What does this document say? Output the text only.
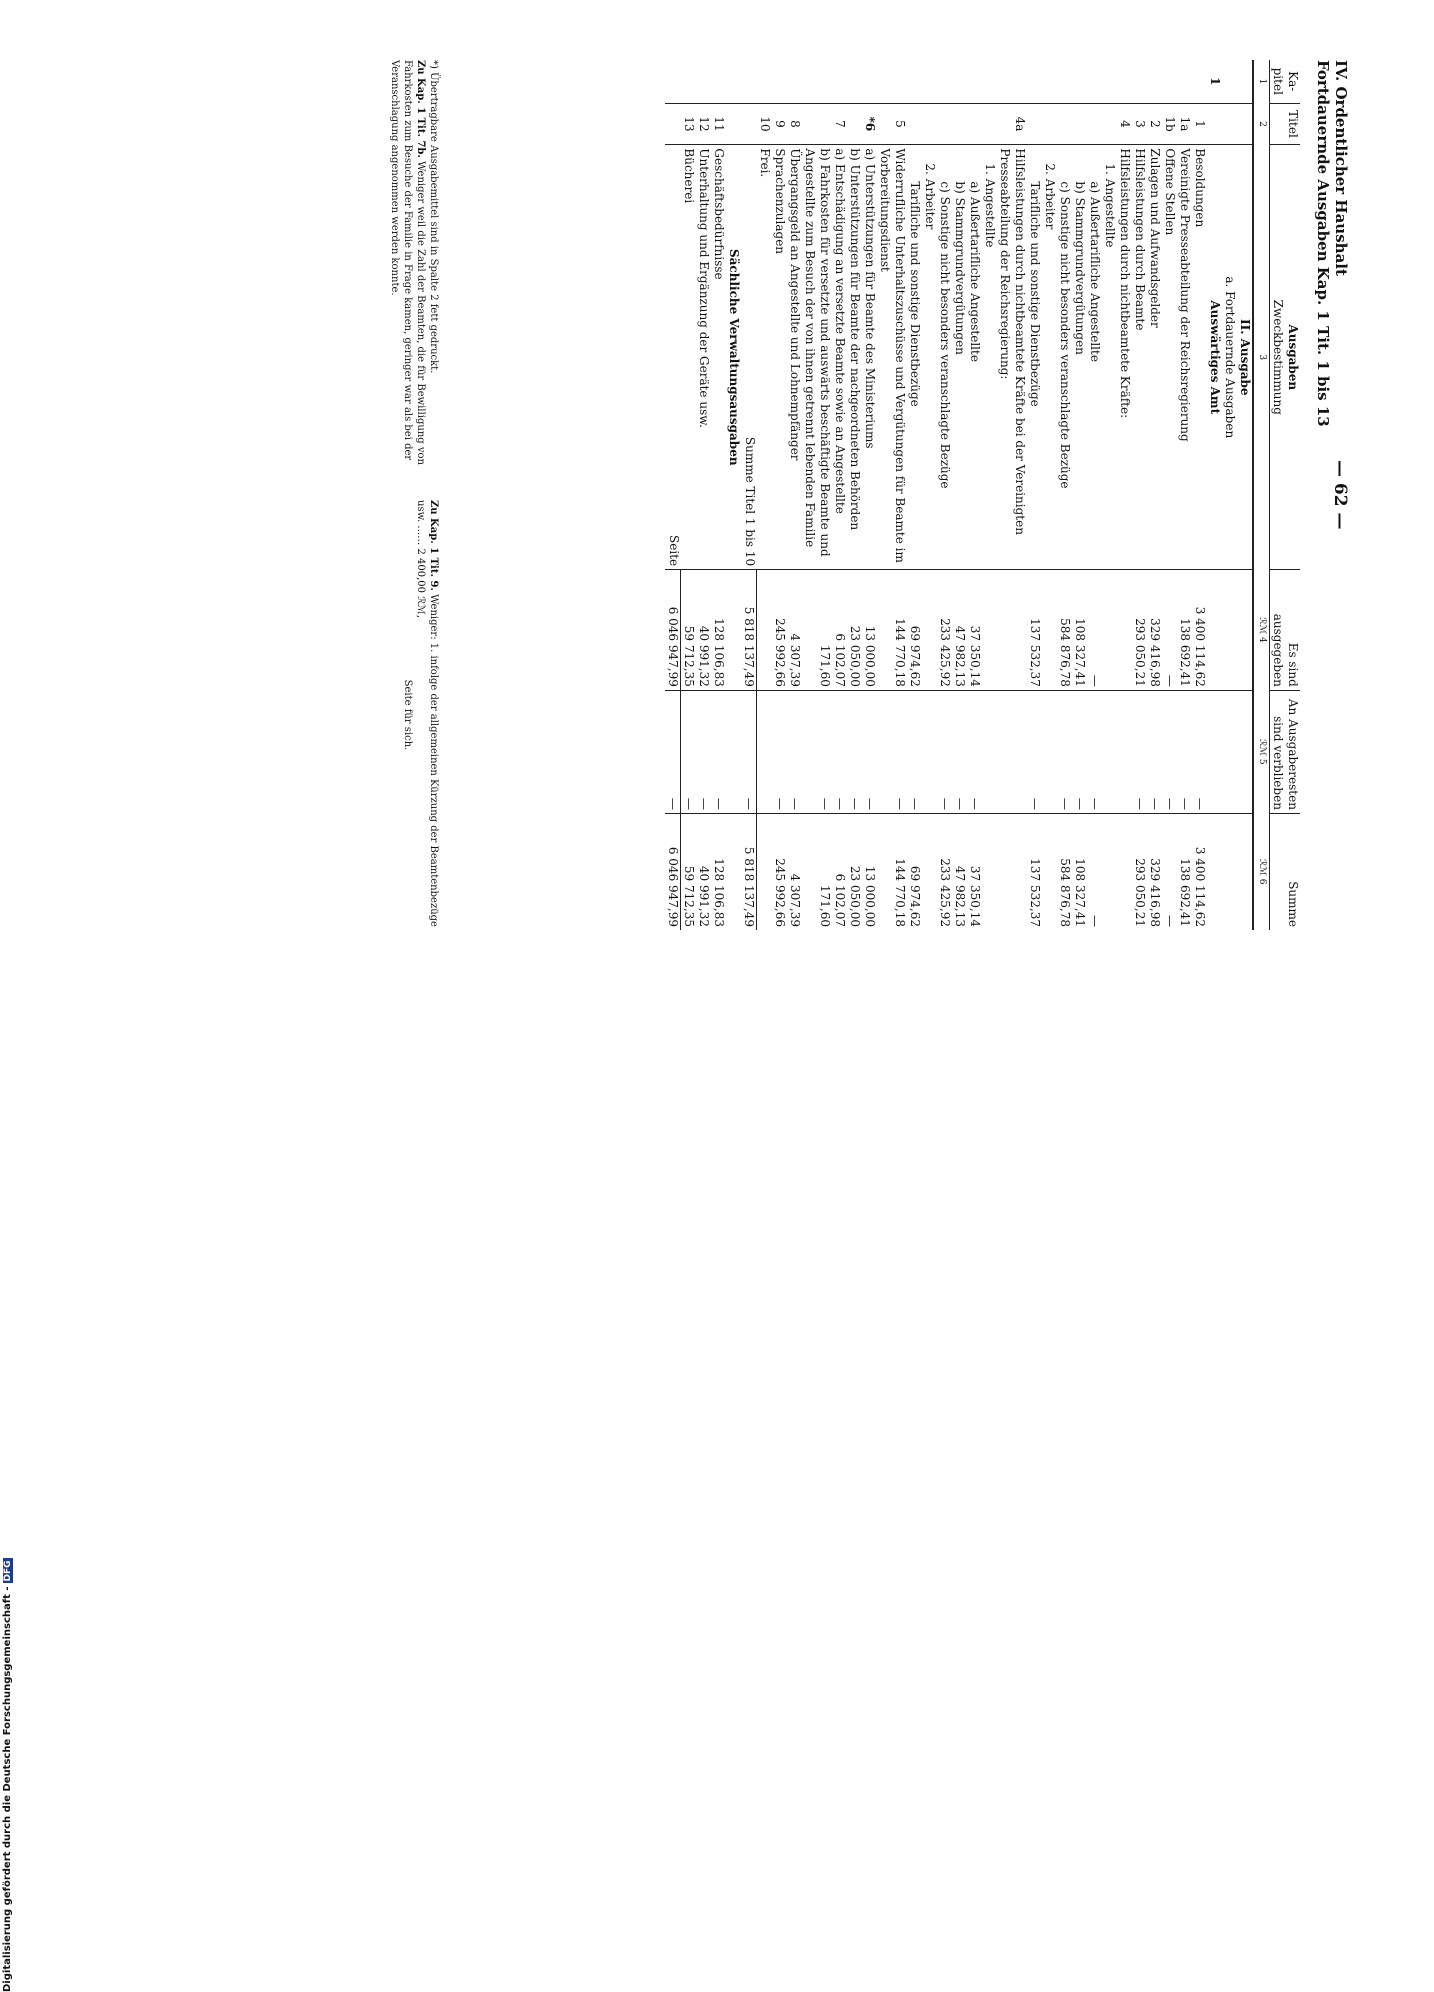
IV. Ordentlicher Haushalt
Fortdauernde Ausgaben Kap. 1 Tit. 1 bis 13
— 62 —
Ka-pitel	Titel	Ausgaben
Zweckbestimmung	Es sind ausgegeben	An Ausgaberesten sind verblieben	Summe
1	2	3	ℛℳ 4	ℛℳ 5	ℛℳ 6
		II. Ausgabe			
		a. Fortdauernde Ausgaben			
1		Auswärtiges Amt			
	1	Besoldungen	3 400 114,62	—	3 400 114,62
	1a	Vereinigte Presseabteilung der Reichsregierung	138 692,41	—	138 692,41
	1b	Offene Stellen	—	—	—
	2	Zulagen und Aufwandsgelder	329 416,98	—	329 416,98
	3	Hilfsleistungen durch Beamte	293 050,21	—	293 050,21
	4	Hilfsleistungen durch nichtbeamtete Kräfte:			
		1. Angestellte			
		a) Außertarifliche Angestellte	—	—	—
		b) Stammgrundvergütungen	108 327,41	—	108 327,41
		c) Sonstige nicht besonders veranschlagte Bezüge	584 876,78	—	584 876,78
		2. Arbeiter			
		Tarifliche und sonstige Dienstbezüge	137 532,37	—	137 532,37
	4a	Hilfsleistungen durch nichtbeamtete Kräfte bei der Vereinigten Presseabteilung der Reichsregierung:			
		1. Angestellte			
		a) Außertarifliche Angestellte	37 350,14	—	37 350,14
		b) Stammgrundvergütungen	47 982,13	—	47 982,13
		c) Sonstige nicht besonders veranschlagte Bezüge	233 425,92	—	233 425,92
		2. Arbeiter			
		Tarifliche und sonstige Dienstbezüge	69 974,62	—	69 974,62
	5	Widerrufliche Unterhaltszuschüsse und Vergütungen für Beamte im Vorbereitungsdienst	144 770,18	—	144 770,18
	*6	a) Unterstützungen für Beamte des Ministeriums	13 000,00	—	13 000,00
		b) Unterstützungen für Beamte der nachgeordneten Behörden	23 050,00	—	23 050,00
	7	a) Entschädigung an versetzte Beamte sowie an Angestellte	6 102,07	—	6 102,07
		b) Fahrkosten für versetzte und auswärts beschäftigte Beamte und Angestellte zum Besuch der von ihnen getrennt lebenden Familie	171,60	—	171,60
	8	Übergangsgeld an Angestellte und Lohnempfänger	4 307,39	—	4 307,39
	9	Sprachenzulagen	245 992,66	—	245 992,66
	10	Frei.			
		Summe Titel 1 bis 10	5 818 137,49	—	5 818 137,49
		Sächliche Verwaltungsausgaben			
	11	Geschäftsbedürfnisse	128 106,83	—	128 106,83
	12	Unterhaltung und Ergänzung der Geräte usw.	40 991,32	—	40 991,32
	13	Bücherei	59 712,35	—	59 712,35
		Seite	6 046 947,99	—	6 046 947,99
*) Übertragbare Ausgabemittel sind in Spalte 2 fett gedruckt.
Zu Kap. 1 Tit. 7b. Weniger weil die Zahl der Beamten, die für Bewilligung von Fahrkosten zum Besuche der Familie in Frage kamen, geringer war als bei der Veranschlagung angenommen werden konnte.
Zu Kap. 1 Tit. 9. Weniger: 1. infolge der allgemeinen Kürzung der Beamtenbezüge usw. …… 2 400,00 ℛℳ,
Seite für sich.
Digitalisierung gefördert durch die Deutsche Forschungsgemeinschaft -DFG
